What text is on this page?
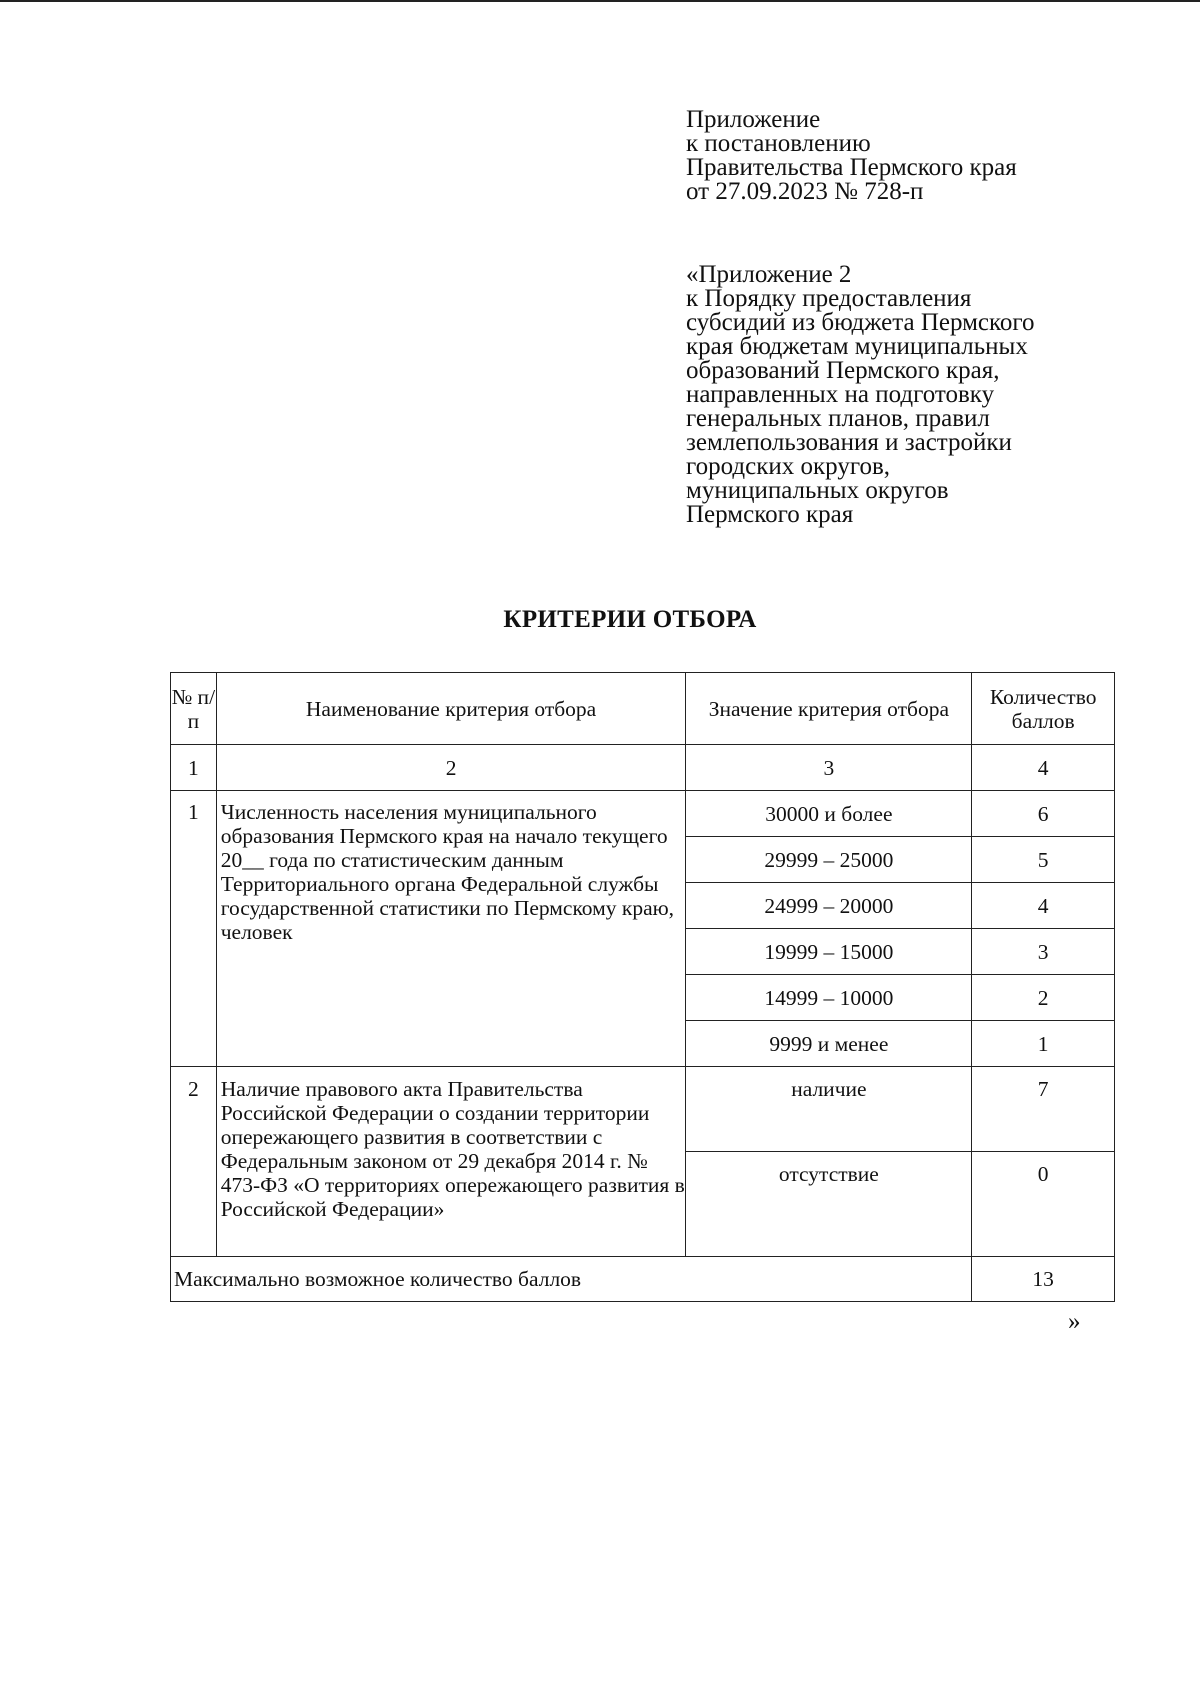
Приложение
к постановлению
Правительства Пермского края
от 27.09.2023 № 728-п
«Приложение 2
к Порядку предоставления
субсидий из бюджета Пермского
края бюджетам муниципальных
образований Пермского края,
направленных на подготовку
генеральных планов, правил
землепользования и застройки
городских округов,
муниципальных округов
Пермского края
КРИТЕРИИ ОТБОРА
№ п/п	Наименование критерия отбора	Значение критерия отбора	Количество баллов
1	2	3	4
1	Численность населения муниципального образования Пермского края на начало текущего 20__ года по статистическим данным Территориального органа Федеральной службы государственной статистики по Пермскому краю, человек	30000 и более	6
		29999 – 25000	5
		24999 – 20000	4
		19999 – 15000	3
		14999 – 10000	2
		9999 и менее	1
2	Наличие правового акта Правительства Российской Федерации о создании территории опережающего развития в соответствии с Федеральным законом от 29 декабря 2014 г. № 473-ФЗ «О территориях опережающего развития в Российской Федерации»	наличие	7
		отсутствие	0
Максимально возможное количество баллов			13
»
